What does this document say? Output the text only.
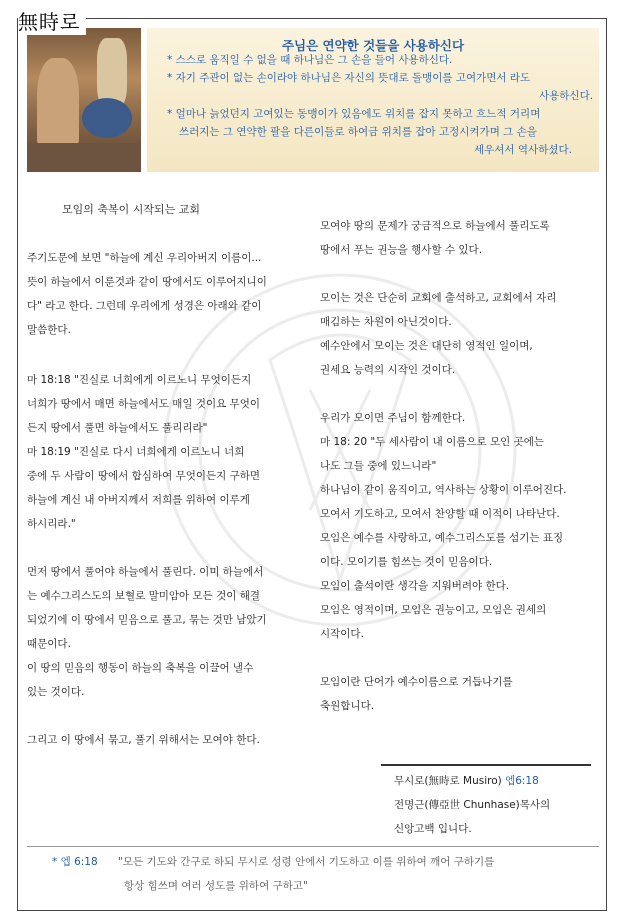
無時로
주님은 연약한 것들을 사용하신다
* 스스로 움직일 수 없을 때 하나님은 그 손을 들어 사용하신다.
* 자기 주관이 없는 손이라야 하나님은 자신의 뜻대로 돌맹이를 고여가면서 라도
사용하신다.
* 얼마나 늙었던지 고여있는 동맹이가 있음에도 위치를 잡지 못하고 흐느적 거리며
쓰러지는 그 연약한 팔을 다른이들로 하여금 위치를 잡아 고정시켜가며 그 손을
세우셔서 역사하셨다.
모임의 축복이 시작되는 교회
주기도문에 보면 "하늘에 계신 우리아버지 이름이...
뜻이 하늘에서 이룬것과 같이 땅에서도 이루어지니이
다" 라고 한다. 그런데 우리에게 성경은 아래와 같이
말씀한다.
마 18:18 "진실로 너희에게 이르노니 무엇이든지
너희가 땅에서 매면 하늘에서도 매일 것이요 무엇이
든지 땅에서 풀면 하늘에서도 풀리리라"
마 18:19 "진실로 다시 너희에게 이르노니 너희
중에 두 사람이 땅에서 합심하여 무엇이든지 구하면
하늘에 계신 내 아버지께서 저희를 위하여 이루게
하시리라."
먼저 땅에서 풀어야 하늘에서 풀린다. 이미 하늘에서
는 예수그리스도의 보혈로 말미암아 모든 것이 해결
되었기에 이 땅에서 믿음으로 풀고, 묶는 것만 남았기
때문이다.
이 땅의 믿음의 행동이 하늘의 축복을 이끌어 낼수
있는 것이다.
그리고 이 땅에서 묶고, 풀기 위해서는 모여야 한다.
모여야 땅의 문제가 궁금적으로 하늘에서 풀리도록
땅에서 푸는 권능을 행사할 수 있다.
모이는 것은 단순히 교회에 출석하고, 교회에서 자리
매김하는 차원이 아닌것이다.
예수안에서 모이는 것은 대단히 영적인 일이며,
권세요 능력의 시작인 것이다.
우리가 모이면 주님이 함께한다.
마 18: 20 "두 세사람이 내 이름으로 모인 곳에는
나도 그들 중에 있느니라"
하나님이 같이 움직이고, 역사하는 상황이 이루어진다.
모여서 기도하고, 모여서 찬양할 때 이적이 나타난다.
모임은 예수를 사랑하고, 예수그리스도를 섬기는 표징
이다. 모이기를 힘쓰는 것이 믿음이다.
모임이 출석이란 생각을 지워버려야 한다.
모임은 영적이며, 모임은 권능이고, 모임은 권세의
시작이다.
모임이란 단어가 예수이름으로 거듭나기를
축원합니다.
무시로(無時로 Musiro) 엡6:18
전명근(傳亞世 Chunhase)목사의
신앙고백 입니다.
* 엡 6:18 "모든 기도와 간구로 하되 무시로 성령 안에서 기도하고 이를 위하여 깨어 구하기를
항상 힘쓰며 여러 성도를 위하여 구하고"
